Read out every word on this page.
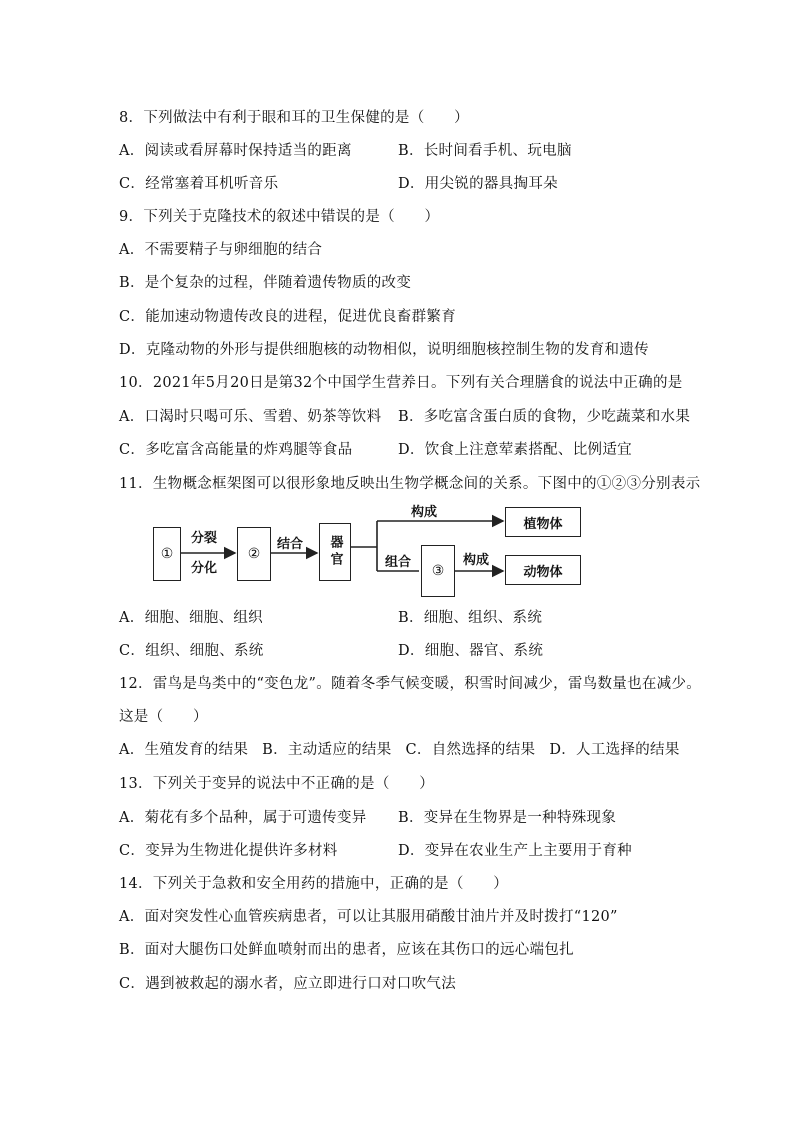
8．下列做法中有利于眼和耳的卫生保健的是（　　）
A．阅读或看屏幕时保持适当的距离	B．长时间看手机、玩电脑
C．经常塞着耳机听音乐	D．用尖锐的器具掏耳朵
9．下列关于克隆技术的叙述中错误的是（　　）
A．不需要精子与卵细胞的结合
B．是个复杂的过程，伴随着遗传物质的改变
C．能加速动物遗传改良的进程，促进优良畜群繁育
D．克隆动物的外形与提供细胞核的动物相似，说明细胞核控制生物的发育和遗传
10．2021年5月20日是第32个中国学生营养日。下列有关合理膳食的说法中正确的是
A．口渴时只喝可乐、雪碧、奶茶等饮料 B．多吃富含蛋白质的食物，少吃蔬菜和水果
C．多吃富含高能量的炸鸡腿等食品	D．饮食上注意荤素搭配、比例适宜
11．生物概念框架图可以很形象地反映出生物学概念间的关系。下图中的①②③分别表示
①	②	器官
③
植物体
动物体
分裂
分化
结合
构成
组合	构成
A．细胞、细胞、组织	B．细胞、组织、系统
C．组织、细胞、系统	D．细胞、器官、系统
12．雷鸟是鸟类中的“变色龙”。随着冬季气候变暖，积雪时间减少，雷鸟数量也在减少。
这是（　　）
A．生殖发育的结果 B．主动适应的结果 C．自然选择的结果 D．人工选择的结果
13．下列关于变异的说法中不正确的是（　　）
A．菊花有多个品种，属于可遗传变异 B．变异在生物界是一种特殊现象
C．变异为生物进化提供许多材料	D．变异在农业生产上主要用于育种
14．下列关于急救和安全用药的措施中，正确的是（　　）
A．面对突发性心血管疾病患者，可以让其服用硝酸甘油片并及时拨打“120”
B．面对大腿伤口处鲜血喷射而出的患者，应该在其伤口的远心端包扎
C．遇到被救起的溺水者，应立即进行口对口吹气法
